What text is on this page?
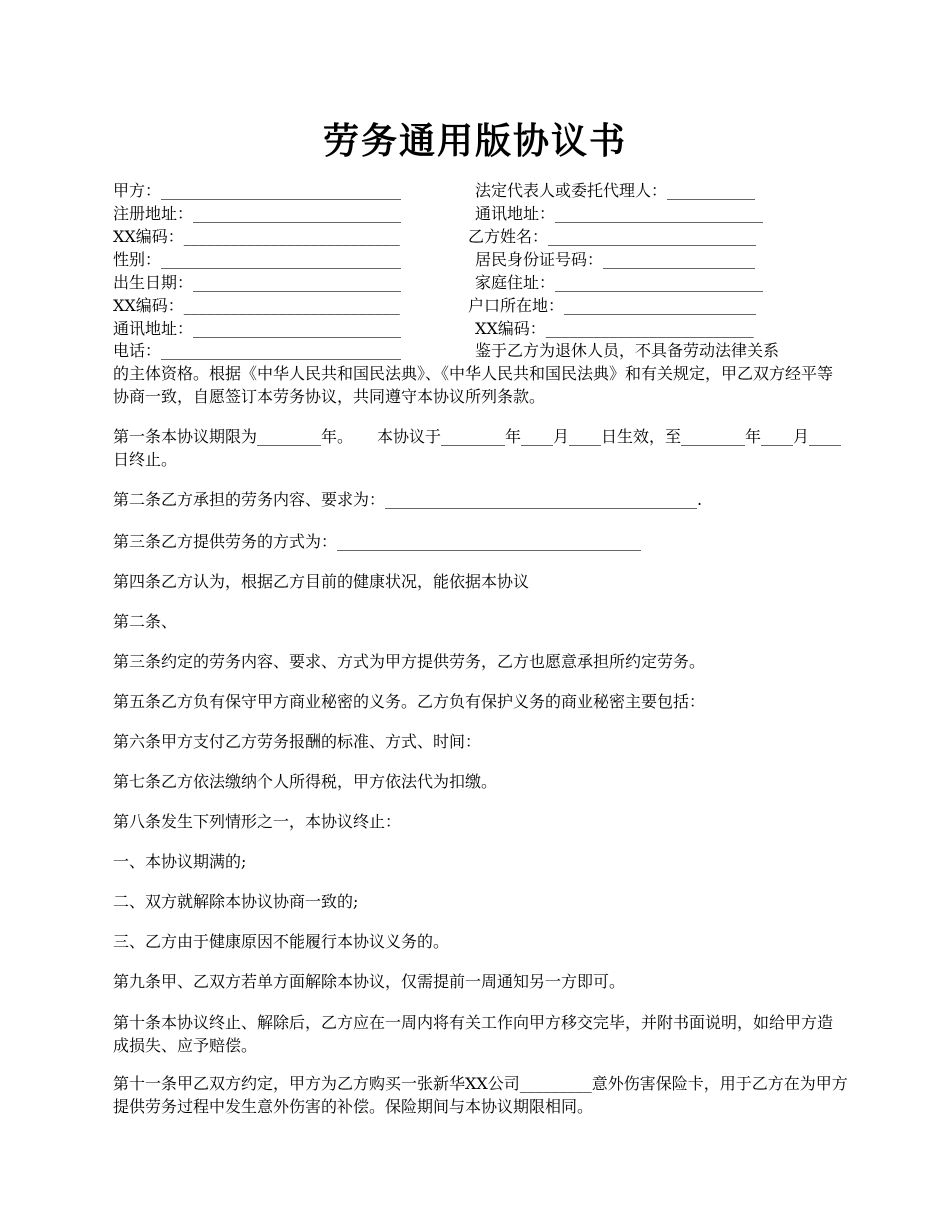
劳务通用版协议书
甲方：______________________________	法定代表人或委托代理人：___________
注册地址：__________________________	通讯地址：__________________________
XX编码：___________________________	乙方姓名：__________________________
性别：______________________________	居民身份证号码：___________________
出生日期：__________________________	家庭住址：__________________________
XX编码：___________________________	户口所在地：________________________
通讯地址：__________________________	XX编码：__________________________
电话：______________________________	鉴于乙方为退休人员，不具备劳动法律关系
的主体资格。根据《中华人民共和国民法典》、《中华人民共和国民法典》和有关规定，甲乙双方经平等协商一致，自愿签订本劳务协议，共同遵守本协议所列条款。
第一条本协议期限为________年。　　本协议于________年____月____日生效，至________年____月____日终止。
第二条乙方承担的劳务内容、要求为：_______________________________________.
第三条乙方提供劳务的方式为：______________________________________
第四条乙方认为，根据乙方目前的健康状况，能依据本协议
第二条、
第三条约定的劳务内容、要求、方式为甲方提供劳务，乙方也愿意承担所约定劳务。
第五条乙方负有保守甲方商业秘密的义务。乙方负有保护义务的商业秘密主要包括：
第六条甲方支付乙方劳务报酬的标准、方式、时间：
第七条乙方依法缴纳个人所得税，甲方依法代为扣缴。
第八条发生下列情形之一，本协议终止：
一、本协议期满的;
二、双方就解除本协议协商一致的;
三、乙方由于健康原因不能履行本协议义务的。
第九条甲、乙双方若单方面解除本协议，仅需提前一周通知另一方即可。
第十条本协议终止、解除后，乙方应在一周内将有关工作向甲方移交完毕，并附书面说明，如给甲方造成损失、应予赔偿。
第十一条甲乙双方约定，甲方为乙方购买一张新华XX公司_________意外伤害保险卡，用于乙方在为甲方提供劳务过程中发生意外伤害的补偿。保险期间与本协议期限相同。
